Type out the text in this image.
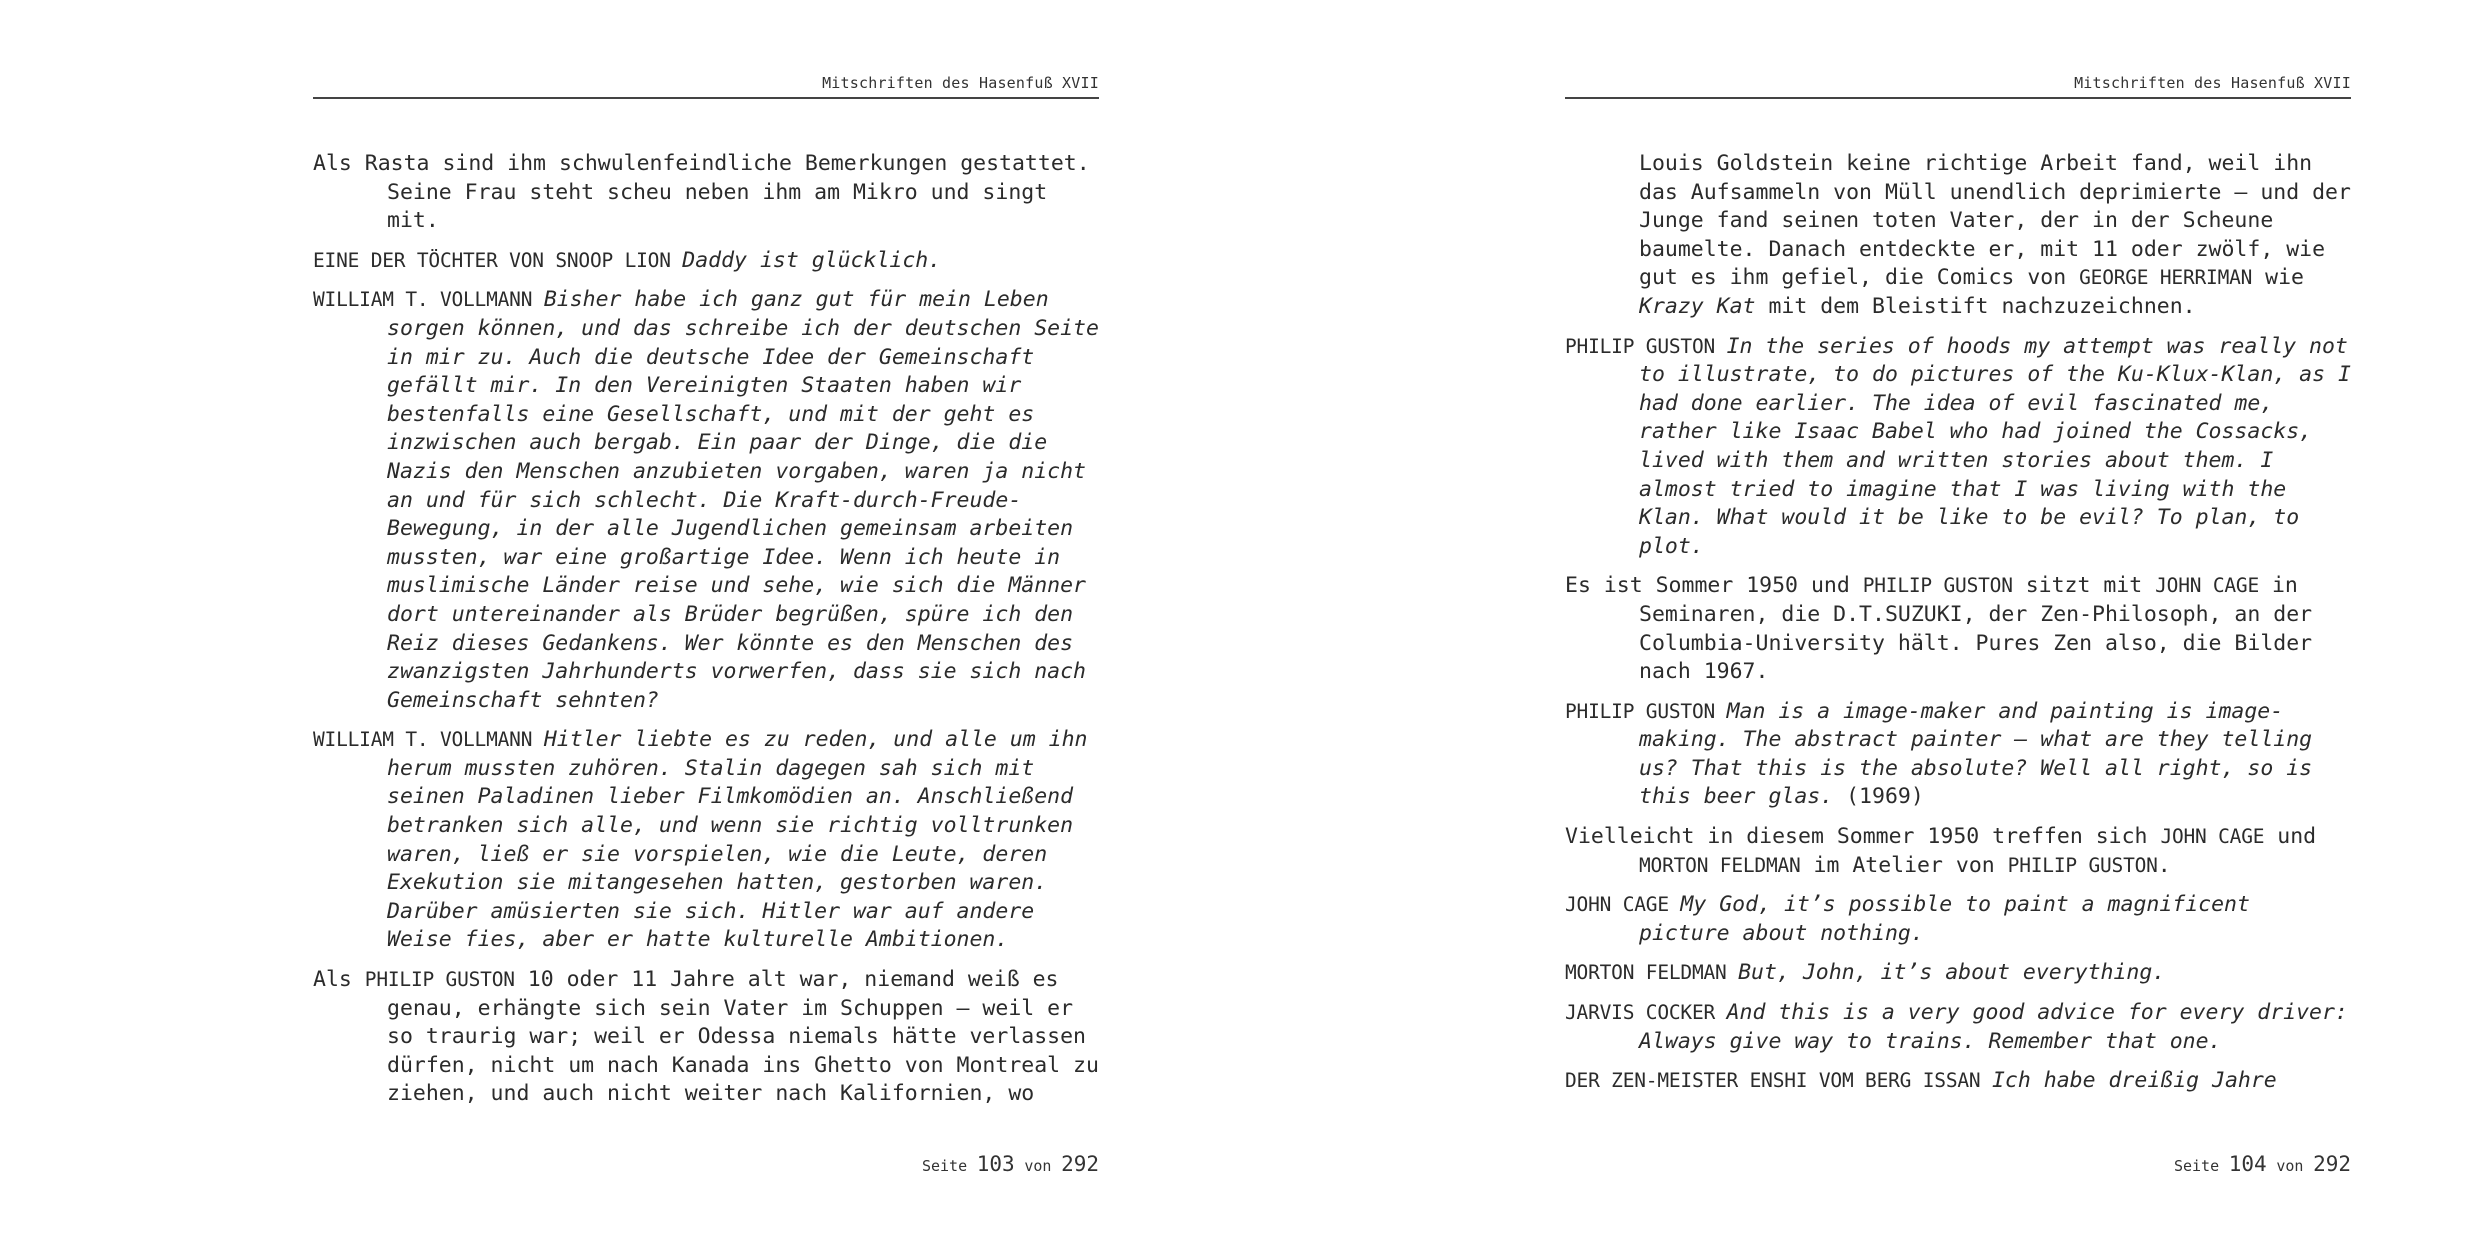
Mitschriften des Hasenfuß XVII

Als Rasta sind ihm schwulenfeindliche Bemerkungen gestattet. Seine Frau steht scheu neben ihm am Mikro und singt mit.

EINE DER TÖCHTER VON SNOOP LION Daddy ist glücklich.

WILLIAM T. VOLLMANN Bisher habe ich ganz gut für mein Leben sorgen können, und das schreibe ich der deutschen Seite in mir zu. Auch die deutsche Idee der Gemeinschaft gefällt mir. In den Vereinigten Staaten haben wir bestenfalls eine Gesellschaft, und mit der geht es inzwischen auch bergab. Ein paar der Dinge, die die Nazis den Menschen anzubieten vorgaben, waren ja nicht an und für sich schlecht. Die Kraft-durch-Freude-Bewegung, in der alle Jugendlichen gemeinsam arbeiten mussten, war eine großartige Idee. Wenn ich heute in muslimische Länder reise und sehe, wie sich die Männer dort untereinander als Brüder begrüßen, spüre ich den Reiz dieses Gedankens. Wer könnte es den Menschen des zwanzigsten Jahrhunderts vorwerfen, dass sie sich nach Gemeinschaft sehnten?

WILLIAM T. VOLLMANN Hitler liebte es zu reden, und alle um ihn herum mussten zuhören. Stalin dagegen sah sich mit seinen Paladinen lieber Filmkomödien an. Anschließend betranken sich alle, und wenn sie richtig volltrunken waren, ließ er sie vorspielen, wie die Leute, deren Exekution sie mitangesehen hatten, gestorben waren. Darüber amüsierten sie sich. Hitler war auf andere Weise fies, aber er hatte kulturelle Ambitionen.

Als PHILIP GUSTON 10 oder 11 Jahre alt war, niemand weiß es genau, erhängte sich sein Vater im Schuppen – weil er so traurig war; weil er Odessa niemals hätte verlassen dürfen, nicht um nach Kanada ins Ghetto von Montreal zu ziehen, und auch nicht weiter nach Kalifornien, wo

Seite 103 von 292
Mitschriften des Hasenfuß XVII

Louis Goldstein keine richtige Arbeit fand, weil ihn das Aufsammeln von Müll unendlich deprimierte – und der Junge fand seinen toten Vater, der in der Scheune baumelte. Danach entdeckte er, mit 11 oder zwölf, wie gut es ihm gefiel, die Comics von GEORGE HERRIMAN wie Krazy Kat mit dem Bleistift nachzuzeichnen.

PHILIP GUSTON In the series of hoods my attempt was really not to illustrate, to do pictures of the Ku-Klux-Klan, as I had done earlier. The idea of evil fascinated me, rather like Isaac Babel who had joined the Cossacks, lived with them and written stories about them. I almost tried to imagine that I was living with the Klan. What would it be like to be evil? To plan, to plot.

Es ist Sommer 1950 und PHILIP GUSTON sitzt mit JOHN CAGE in Seminaren, die D.T.SUZUKI, der Zen-Philosoph, an der Columbia-University hält. Pures Zen also, die Bilder nach 1967.

PHILIP GUSTON Man is a image-maker and painting is image-making. The abstract painter – what are they telling us? That this is the absolute? Well all right, so is this beer glas. (1969)

Vielleicht in diesem Sommer 1950 treffen sich JOHN CAGE und MORTON FELDMAN im Atelier von PHILIP GUSTON.

JOHN CAGE My God, it’s possible to paint a magnificent picture about nothing.

MORTON FELDMAN But, John, it’s about everything.

JARVIS COCKER And this is a very good advice for every driver: Always give way to trains. Remember that one.

DER ZEN-MEISTER ENSHI VOM BERG ISSAN Ich habe dreißig Jahre

Seite 104 von 292
